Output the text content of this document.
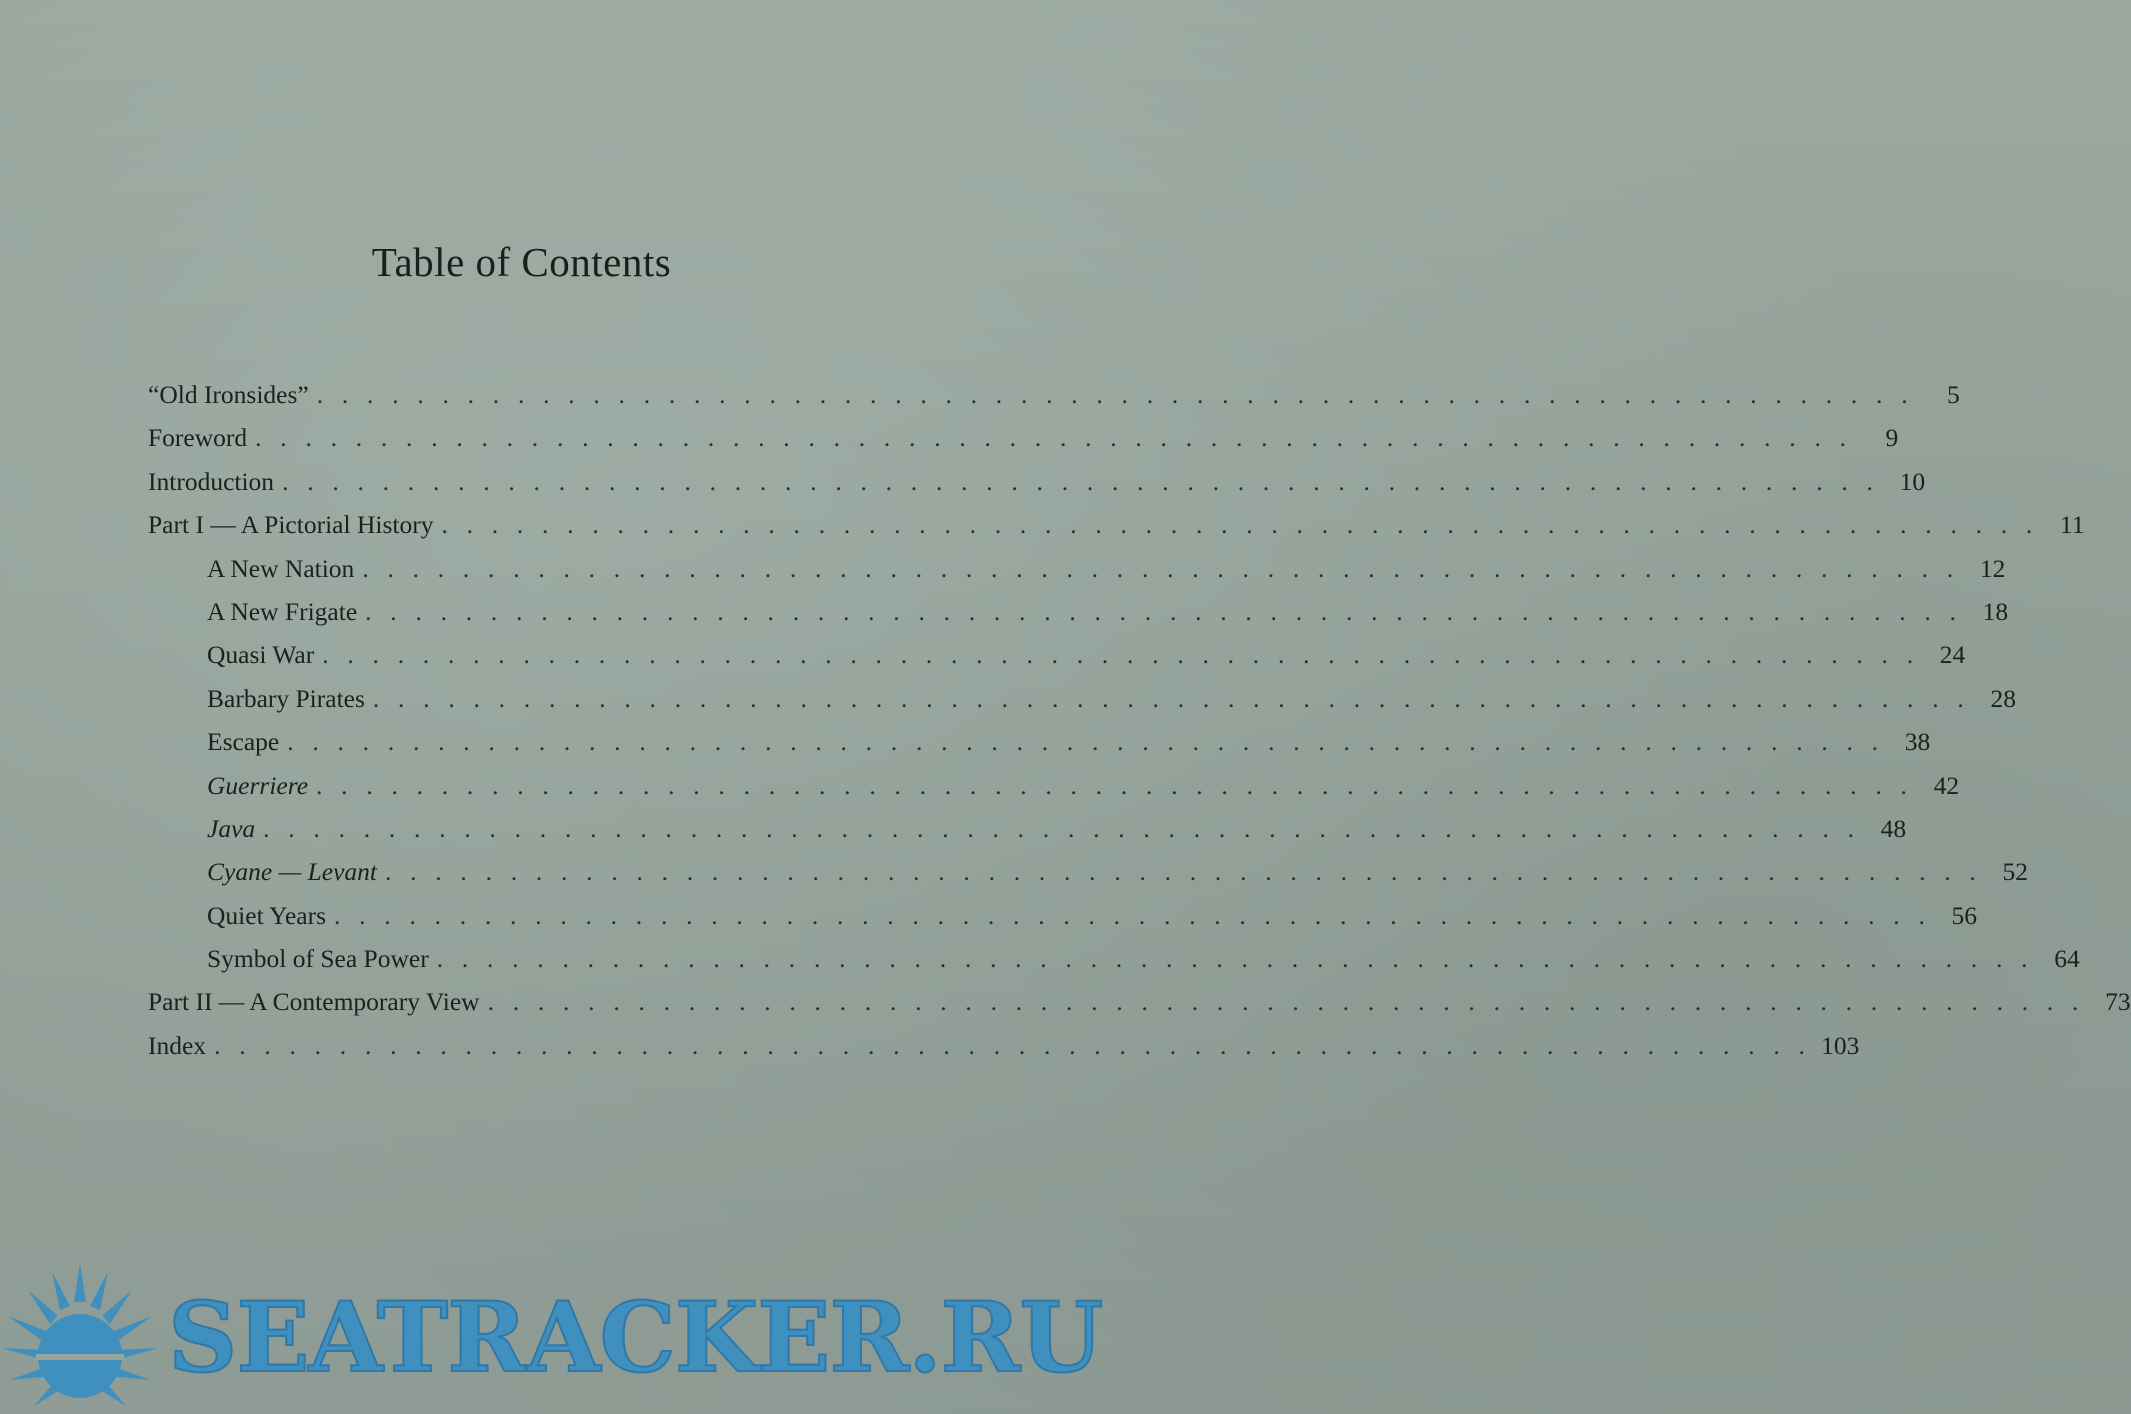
Table of Contents
“Old Ironsides” . . . . . . . . . . . . . . . . . . . . . . . . . . . . . . . . . . . . . . . . . . . . . . . . . . . . . . . . . . . . . . . .	5
Foreword . . . . . . . . . . . . . . . . . . . . . . . . . . . . . . . . . . . . . . . . . . . . . . . . . . . . . . . . . . . . . . . .	9
Introduction . . . . . . . . . . . . . . . . . . . . . . . . . . . . . . . . . . . . . . . . . . . . . . . . . . . . . . . . . . . . . . . . 10
Part I — A Pictorial History . . . . . . . . . . . . . . . . . . . . . . . . . . . . . . . . . . . . . . . . . . . . . . . . . . . . . . . . . . . . . . . . 11
A New Nation . . . . . . . . . . . . . . . . . . . . . . . . . . . . . . . . . . . . . . . . . . . . . . . . . . . . . . . . . . . . . . . . 12
A New Frigate . . . . . . . . . . . . . . . . . . . . . . . . . . . . . . . . . . . . . . . . . . . . . . . . . . . . . . . . . . . . . . . . 18
Quasi War . . . . . . . . . . . . . . . . . . . . . . . . . . . . . . . . . . . . . . . . . . . . . . . . . . . . . . . . . . . . . . . . 24
Barbary Pirates . . . . . . . . . . . . . . . . . . . . . . . . . . . . . . . . . . . . . . . . . . . . . . . . . . . . . . . . . . . . . . . . 28
Escape . . . . . . . . . . . . . . . . . . . . . . . . . . . . . . . . . . . . . . . . . . . . . . . . . . . . . . . . . . . . . . . . 38
Guerriere . . . . . . . . . . . . . . . . . . . . . . . . . . . . . . . . . . . . . . . . . . . . . . . . . . . . . . . . . . . . . . . . 42
Java . . . . . . . . . . . . . . . . . . . . . . . . . . . . . . . . . . . . . . . . . . . . . . . . . . . . . . . . . . . . . . . . 48
Cyane — Levant . . . . . . . . . . . . . . . . . . . . . . . . . . . . . . . . . . . . . . . . . . . . . . . . . . . . . . . . . . . . . . . . 52
Quiet Years . . . . . . . . . . . . . . . . . . . . . . . . . . . . . . . . . . . . . . . . . . . . . . . . . . . . . . . . . . . . . . . . 56
Symbol of Sea Power . . . . . . . . . . . . . . . . . . . . . . . . . . . . . . . . . . . . . . . . . . . . . . . . . . . . . . . . . . . . . . . . 64
Part II — A Contemporary View . . . . . . . . . . . . . . . . . . . . . . . . . . . . . . . . . . . . . . . . . . . . . . . . . . . . . . . . . . . . . . . . 73
Index . . . . . . . . . . . . . . . . . . . . . . . . . . . . . . . . . . . . . . . . . . . . . . . . . . . . . . . . . . . . . . . . 103
SEATRACKER.RU
